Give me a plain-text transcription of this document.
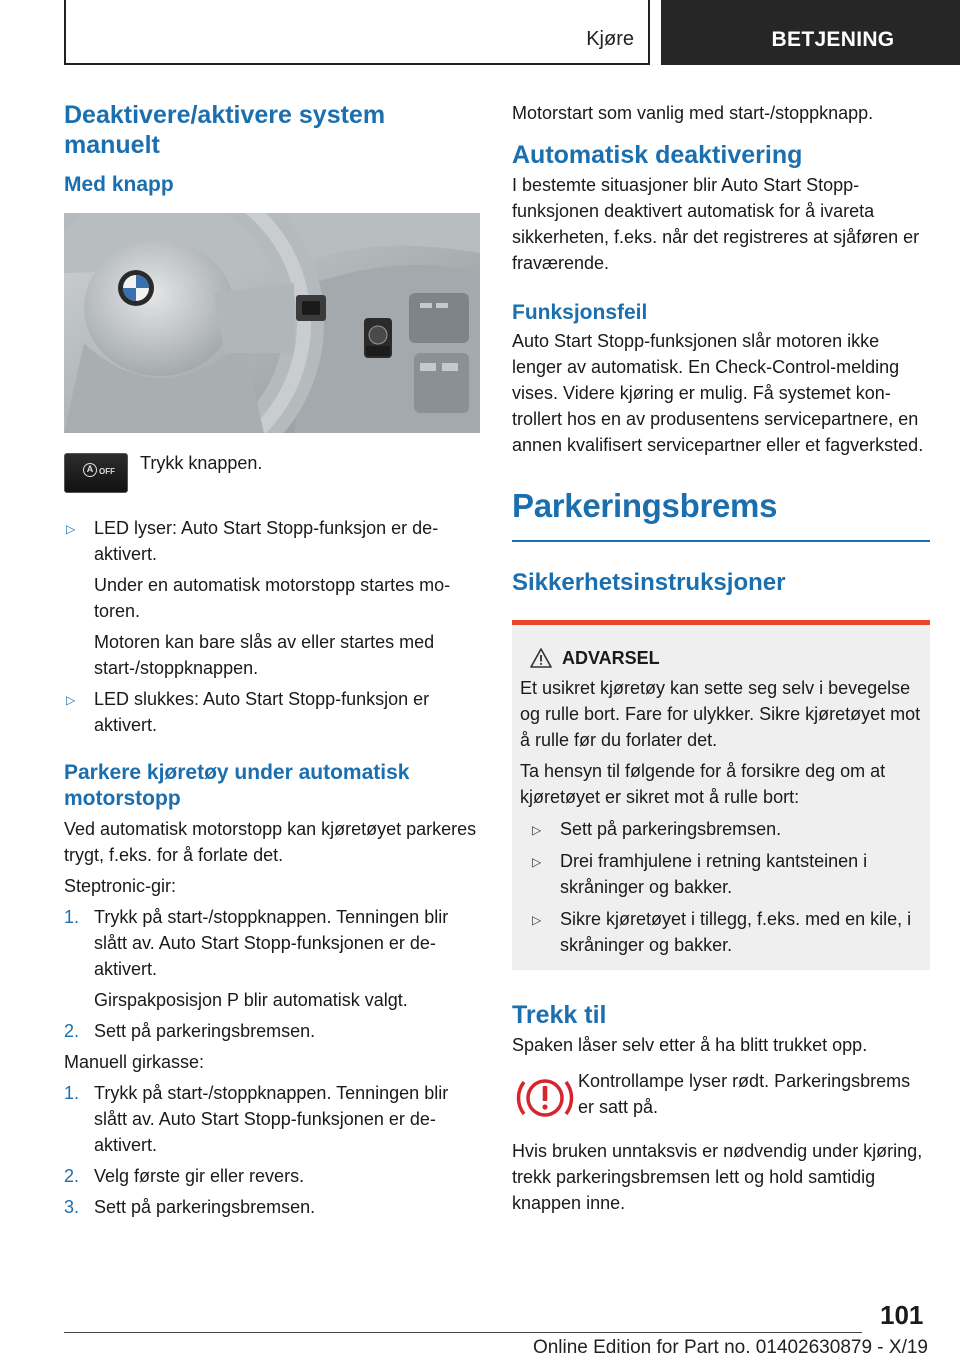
Kjøre	BETJENING
Deaktivere/aktivere system manuelt
Med knapp
A OFF Trykk knappen.
▷ LED lyser: Auto Start Stopp-funksjon er deaktivert.

Under en automatisk motorstopp startes motoren.

Motoren kan bare slås av eller startes med start-/stoppknappen.

▷ LED slukkes: Auto Start Stopp-funksjon er aktivert.
Parkere kjøretøy under automatisk motorstopp

Ved automatisk motorstopp kan kjøretøyet parkeres trygt, f.eks. for å forlate det.

Steptronic-gir:

1. Trykk på start-/stoppknappen. Tenningen blir slått av. Auto Start Stopp-funksjonen er deaktivert.

Girspakposisjon P blir automatisk valgt.

2. Sett på parkeringsbremsen.

Manuell girkasse:

1. Trykk på start-/stoppknappen. Tenningen blir slått av. Auto Start Stopp-funksjonen er deaktivert.
2. Velg første gir eller revers.
3. Sett på parkeringsbremsen.

Motorstart som vanlig med start-/stoppknapp.

Automatisk deaktivering

I bestemte situasjoner blir Auto Start Stopp-funksjonen deaktivert automatisk for å ivareta sikkerheten, f.eks. når det registreres at sjåføren er fraværende.

Funksjonsfeil

Auto Start Stopp-funksjonen slår motoren ikke lenger av automatisk. En Check-Control-melding vises. Videre kjøring er mulig. Få systemet kontrollert hos en av produsentens servicepartnere, en annen kvalifisert servicepartner eller et fagverksted.

Parkeringsbrems
Sikkerhetsinstruksjoner
ADVARSEL

Et usikret kjøretøy kan sette seg selv i bevegelse og rulle bort. Fare for ulykker. Sikre kjøretøyet mot å rulle før du forlater det.

Ta hensyn til følgende for å forsikre deg om at kjøretøyet er sikret mot å rulle bort:

▷ Sett på parkeringsbremsen.
▷ Drei framhjulene i retning kantsteinen i skråninger og bakker.
▷ Sikre kjøretøyet i tillegg, f.eks. med en kile, i skråninger og bakker.
Trekk til

Spaken låser selv etter å ha blitt trukket opp.

Kontrollampe lyser rødt. Parkeringsbrems er satt på.

Hvis bruken unntaksvis er nødvendig under kjøring, trekk parkeringsbremsen lett og hold samtidig knappen inne.

101
Online Edition for Part no. 01402630879 - X/19
